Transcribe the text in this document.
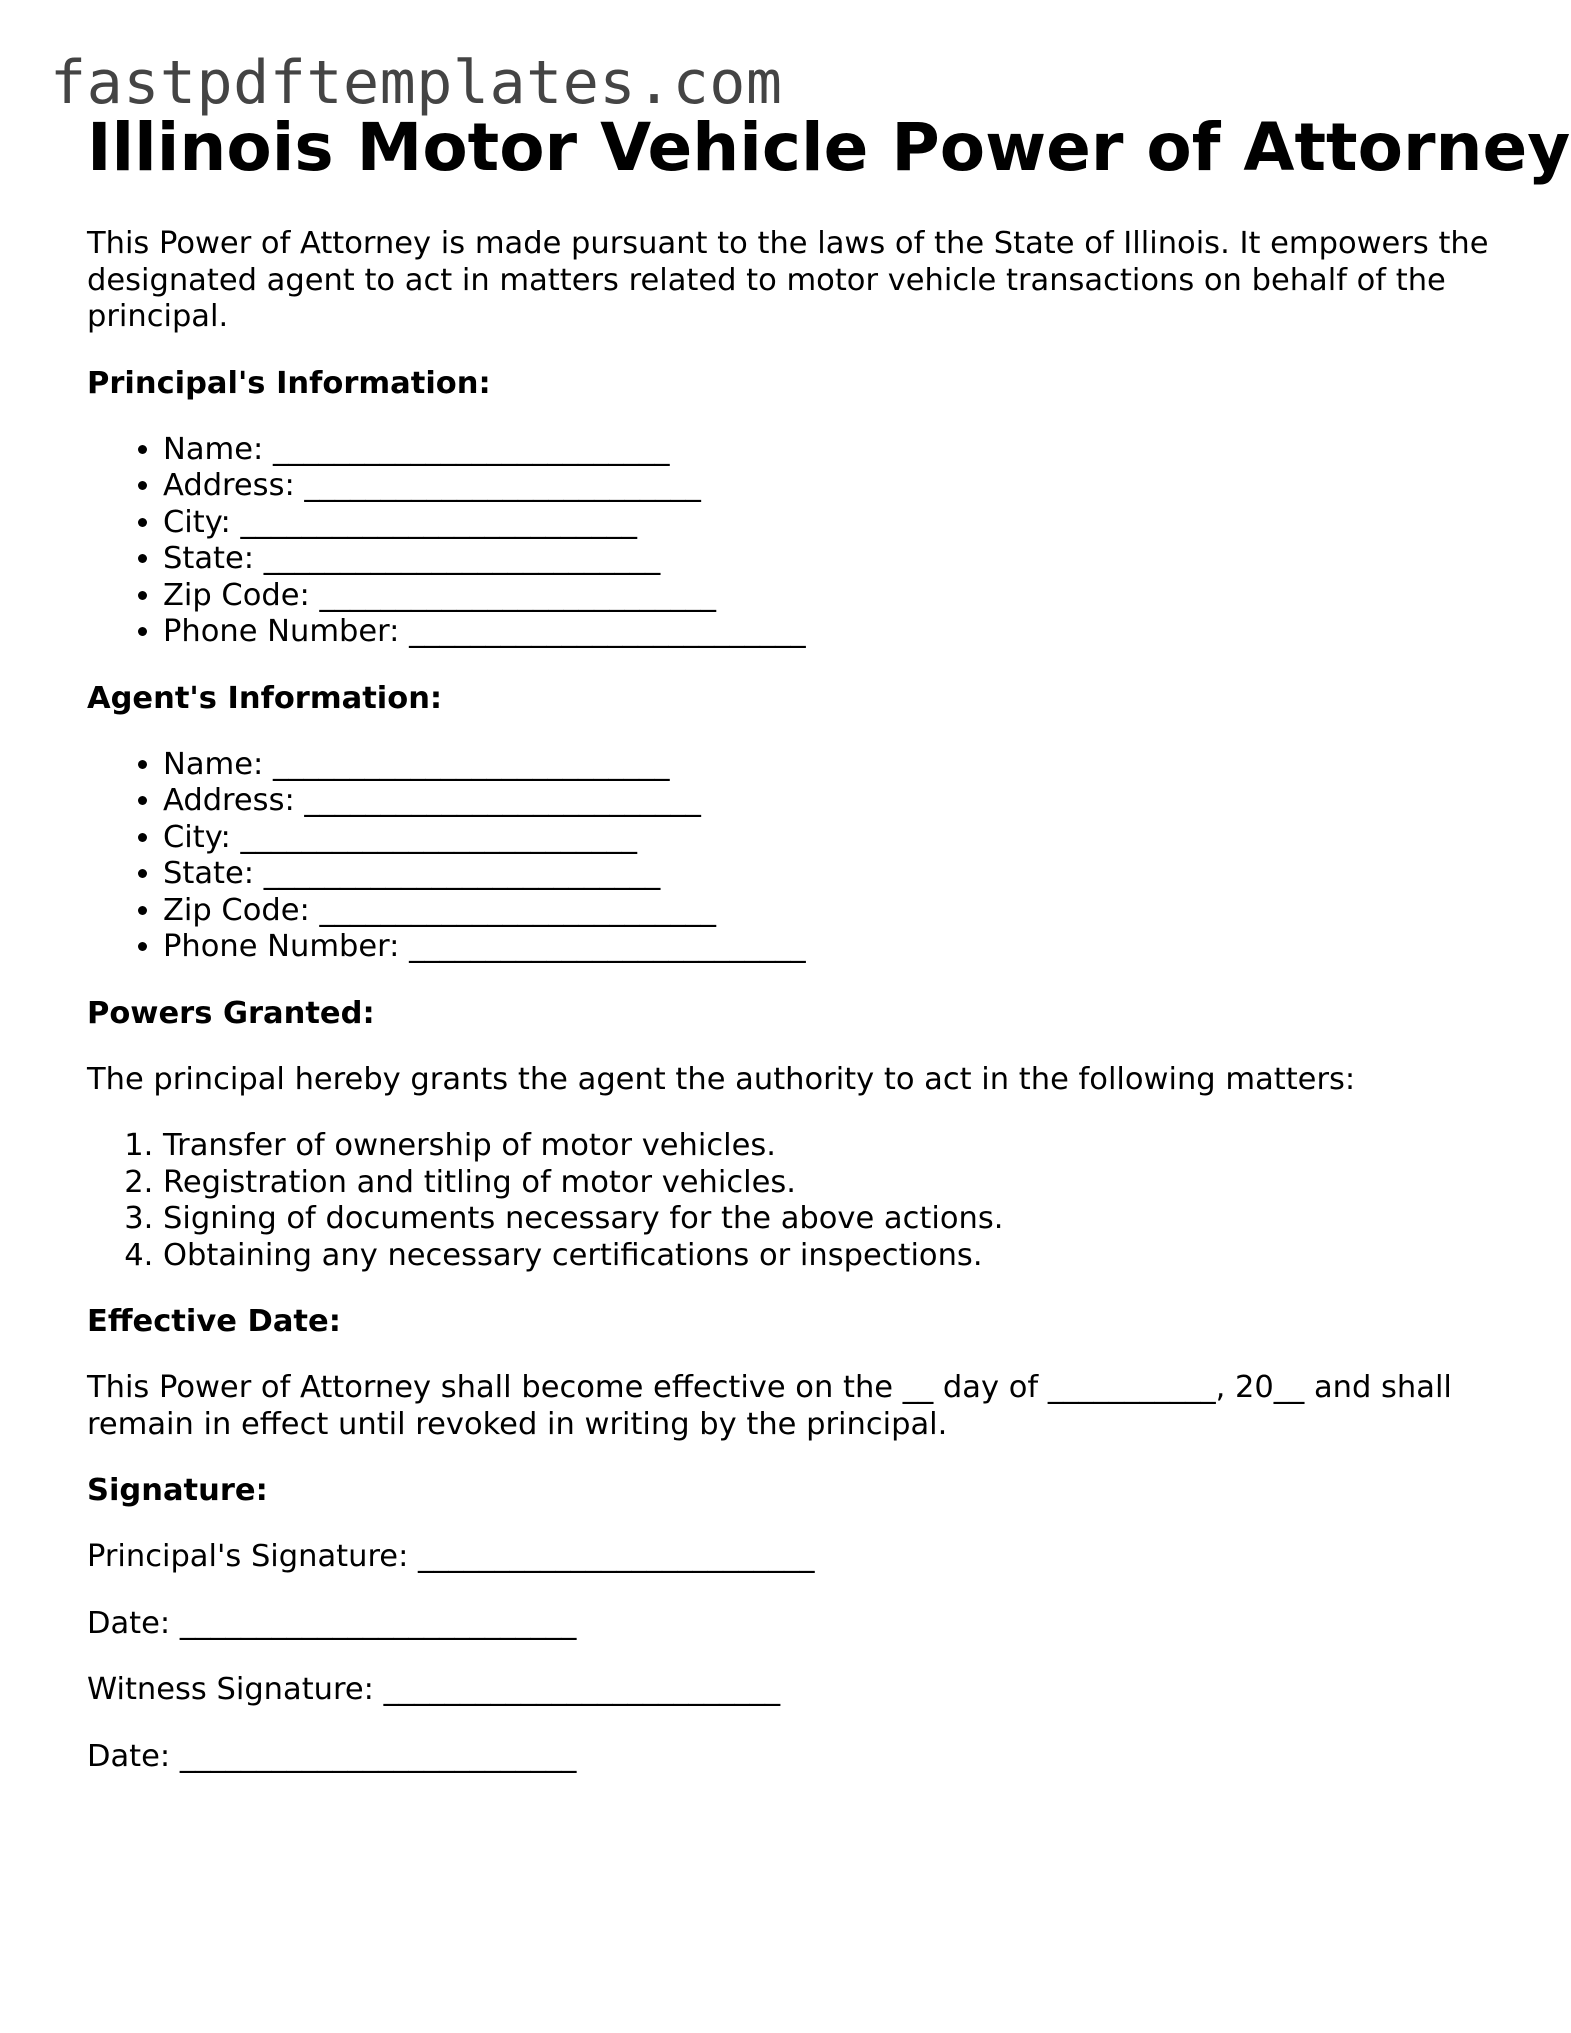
fastpdftemplates.com
Illinois Motor Vehicle Power of Attorney

This Power of Attorney is made pursuant to the laws of the State of Illinois. It empowers the designated agent to act in matters related to motor vehicle transactions on behalf of the principal.

Principal's Information:
• Name: __________________________
• Address: __________________________
• City: __________________________
• State: __________________________
• Zip Code: __________________________
• Phone Number: __________________________
Agent's Information:
• Name: __________________________
• Address: __________________________
• City: __________________________
• State: __________________________
• Zip Code: __________________________
• Phone Number: __________________________
Powers Granted:

The principal hereby grants the agent the authority to act in the following matters:

1. Transfer of ownership of motor vehicles.
2. Registration and titling of motor vehicles.
3. Signing of documents necessary for the above actions.
4. Obtaining any necessary certifications or inspections.
Effective Date:

This Power of Attorney shall become effective on the __ day of ___________, 20__ and shall remain in effect until revoked in writing by the principal.

Signature:

Principal's Signature: __________________________

Date: __________________________

Witness Signature: __________________________

Date: __________________________
